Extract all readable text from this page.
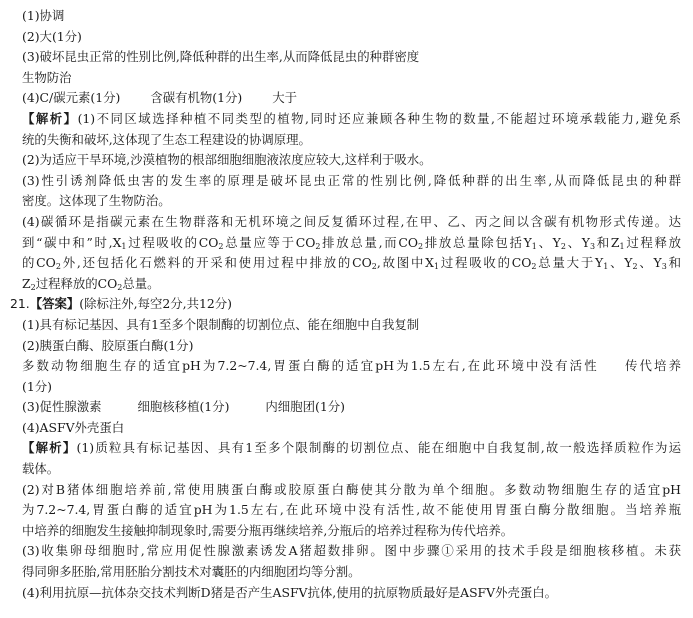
(1)协调
(2)大(1分)
(3)破坏昆虫正常的性别比例,降低种群的出生率,从而降低昆虫的种群密度
生物防治
(4)C/碳元素(1分) 含碳有机物(1分) 大于
【解析】(1)不同区域选择种植不同类型的植物,同时还应兼顾各种生物的数量,不能超过环境承载能力,避免系
统的失衡和破坏,这体现了生态工程建设的协调原理。
(2)为适应干旱环境,沙漠植物的根部细胞细胞液浓度应较大,这样利于吸水。
(3)性引诱剂降低虫害的发生率的原理是破坏昆虫正常的性别比例,降低种群的出生率,从而降低昆虫的种群
密度。这体现了生物防治。
(4)碳循环是指碳元素在生物群落和无机环境之间反复循环过程,在甲、乙、丙之间以含碳有机物形式传递。达
到“碳中和”时$,X_1$过程吸收的$CO_2$总量应等于$CO_2$排放总量,而$CO_2$排放总量除包括$Y_1$、$Y_2$、$Y_3$和$Z_1$过程释放
的$CO_2$外,还包括化石燃料的开采和使用过程中排放的$CO_2$,故图中$X_1$过程吸收的$CO_2$总量大于$Y_1$、$Y_2$、$Y_3$和
$Z_2$过程释放的$CO_2$总量。
21.【答案】(除标注外,每空2分,共12分)
(1)具有标记基因、具有1至多个限制酶的切割位点、能在细胞中自我复制
(2)胰蛋白酶、胶原蛋白酶(1分)
多数动物细胞生存的适宜pH为7.2~7.4,胃蛋白酶的适宜pH为1.5左右,在此环境中没有活性 传代培养
(1分)
(3)促性腺激素	细胞核移植(1分)	内细胞团(1分)
(4)ASFV外壳蛋白
【解析】(1)质粒具有标记基因、具有1至多个限制酶的切割位点、能在细胞中自我复制,故一般选择质粒作为运
载体。
(2)对B猪体细胞培养前,常使用胰蛋白酶或胶原蛋白酶使其分散为单个细胞。多数动物细胞生存的适宜pH
为7.2~7.4,胃蛋白酶的适宜pH为1.5左右,在此环境中没有活性,故不能使用胃蛋白酶分散细胞。当培养瓶
中培养的细胞发生接触抑制现象时,需要分瓶再继续培养,分瓶后的培养过程称为传代培养。
(3)收集卵母细胞时,常应用促性腺激素诱发A猪超数排卵。图中步骤①采用的技术手段是细胞核移植。未获
得同卵多胚胎,常用胚胎分割技术对囊胚的内细胞团均等分割。
(4)利用抗原—抗体杂交技术判断D猪是否产生ASFV抗体,使用的抗原物质最好是ASFV外壳蛋白。
